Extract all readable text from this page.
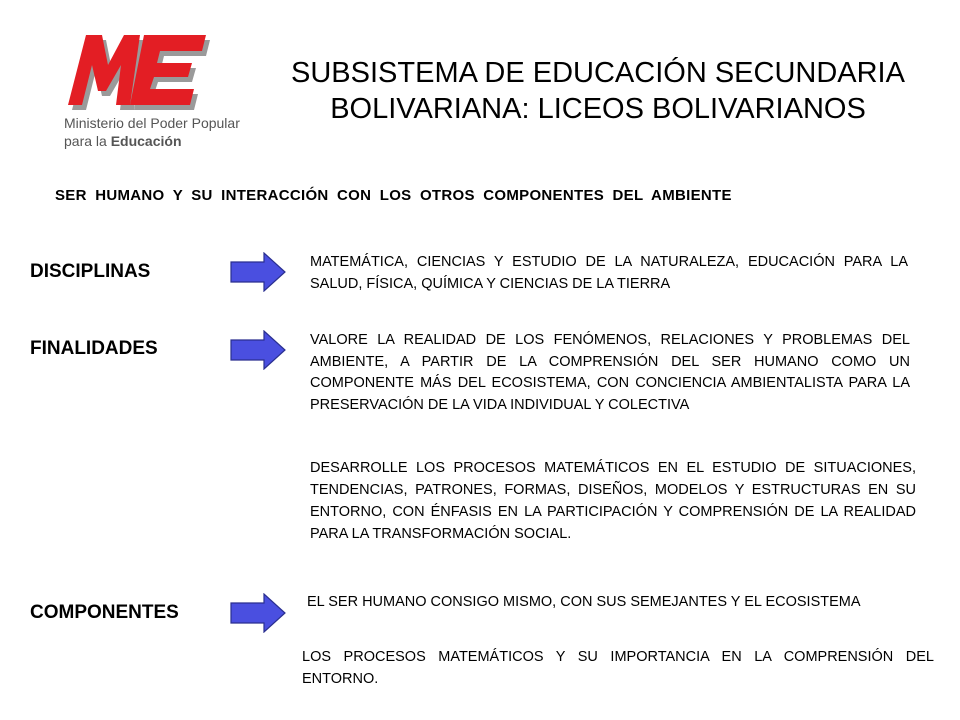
Ministerio del Poder Popular
para la Educación
SUBSISTEMA DE EDUCACIÓN SECUNDARIA
BOLIVARIANA: LICEOS BOLIVARIANOS
SER HUMANO Y SU INTERACCIÓN CON LOS OTROS COMPONENTES DEL AMBIENTE
DISCIPLINAS	MATEMÁTICA, CIENCIAS Y ESTUDIO DE LA NATURALEZA, EDUCACIÓN PARA LA SALUD, FÍSICA, QUÍMICA Y CIENCIAS DE LA TIERRA
FINALIDADES	VALORE LA REALIDAD DE LOS FENÓMENOS, RELACIONES Y PROBLEMAS DEL AMBIENTE, A PARTIR DE LA COMPRENSIÓN DEL SER HUMANO COMO UN COMPONENTE MÁS DEL ECOSISTEMA, CON CONCIENCIA AMBIENTALISTA PARA LA PRESERVACIÓN DE LA VIDA INDIVIDUAL Y COLECTIVA
DESARROLLE LOS PROCESOS MATEMÁTICOS EN EL ESTUDIO DE SITUACIONES, TENDENCIAS, PATRONES, FORMAS, DISEÑOS, MODELOS Y ESTRUCTURAS EN SU ENTORNO, CON ÉNFASIS EN LA PARTICIPACIÓN Y COMPRENSIÓN DE LA REALIDAD PARA LA TRANSFORMACIÓN SOCIAL.
COMPONENTES	EL SER HUMANO CONSIGO MISMO, CON SUS SEMEJANTES Y EL ECOSISTEMA
LOS PROCESOS MATEMÁTICOS Y SU IMPORTANCIA EN LA COMPRENSIÓN DEL ENTORNO.
